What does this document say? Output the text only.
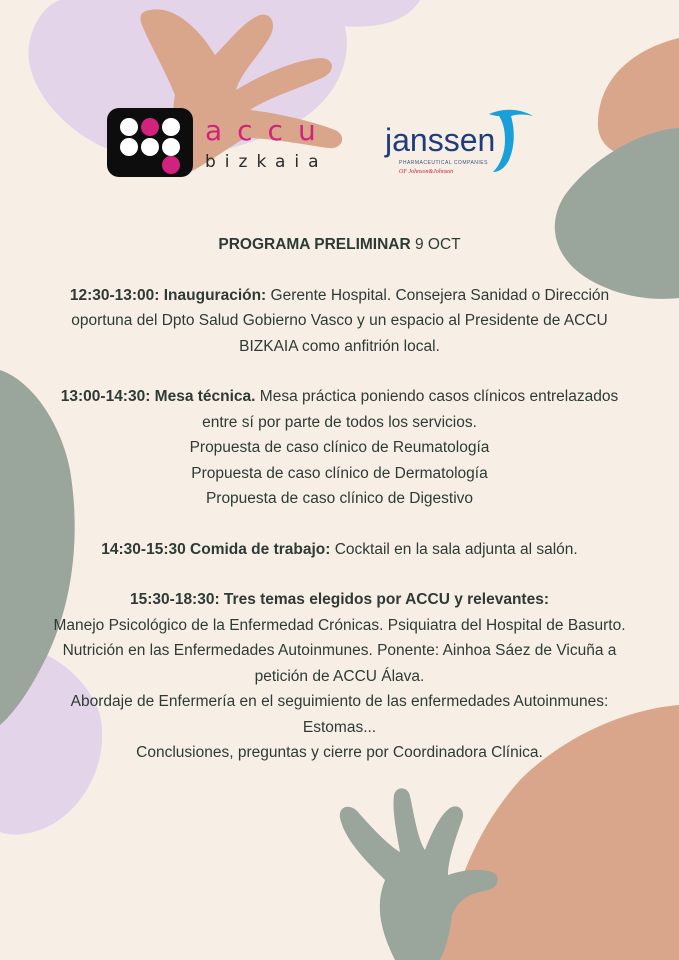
accu
bizkaia
janssen
PHARMACEUTICAL COMPANIES
OF Johnson&Johnson

PROGRAMA PRELIMINAR 9 OCT

12:30-13:00: Inauguración: Gerente Hospital. Consejera Sanidad o Dirección oportuna del Dpto Salud Gobierno Vasco y un espacio al Presidente de ACCU BIZKAIA como anfitrión local.

13:00-14:30: Mesa técnica. Mesa práctica poniendo casos clínicos entrelazados entre sí por parte de todos los servicios.

Propuesta de caso clínico de Reumatología

Propuesta de caso clínico de Dermatología

Propuesta de caso clínico de Digestivo

14:30-15:30 Comida de trabajo: Cocktail en la sala adjunta al salón.

15:30-18:30: Tres temas elegidos por ACCU y relevantes:

Manejo Psicológico de la Enfermedad Crónicas. Psiquiatra del Hospital de Basurto.

Nutrición en las Enfermedades Autoinmunes. Ponente: Ainhoa Sáez de Vicuña a petición de ACCU Álava.

Abordaje de Enfermería en el seguimiento de las enfermedades Autoinmunes: Estomas...

Conclusiones, preguntas y cierre por Coordinadora Clínica.
